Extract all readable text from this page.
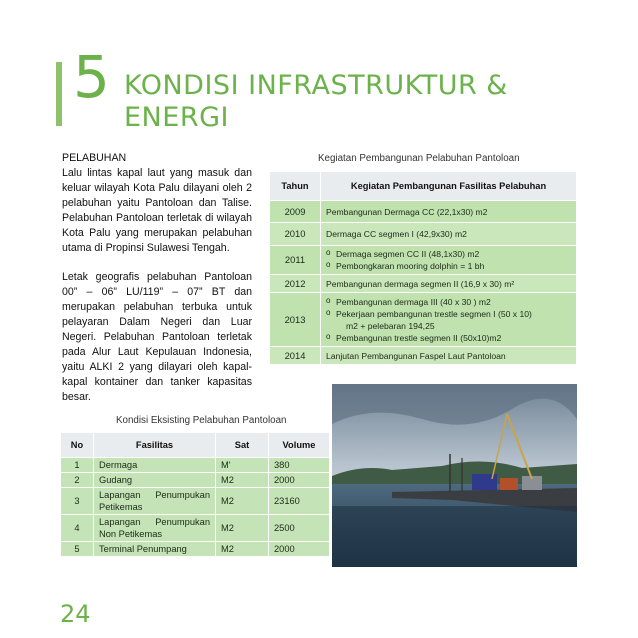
5 KONDISI INFRASTRUKTUR &
ENERGI
PELABUHAN

Lalu lintas kapal laut yang masuk dan keluar wilayah Kota Palu dilayani oleh 2 pelabuhan yaitu Pantoloan dan Talise. Pelabuhan Pantoloan terletak di wilayah Kota Palu yang merupakan pelabuhan utama di Propinsi Sulawesi Tengah.

Letak geografis pelabuhan Pantoloan 00” – 06” LU/119” – 07” BT dan merupakan pelabuhan terbuka untuk pelayaran Dalam Negeri dan Luar Negeri. Pelabuhan Pantoloan terletak pada Alur Laut Kepulauan Indonesia, yaitu ALKI 2 yang dilayari oleh kapal-kapal kontainer dan tanker kapasitas besar.

Kegiatan Pembangunan Pelabuhan Pantoloan
Tahun	Kegiatan Pembangunan Fasilitas Pelabuhan
2009	Pembangunan Dermaga CC (22,1x30) m2
2010	Dermaga CC segmen I (42,9x30) m2
2011	o Dermaga segmen CC II (48,1x30) m2
o Pembongkaran mooring dolphin = 1 bh

2012	Pembangunan dermaga segmen II (16,9 x 30) m²
2013	o Pembangunan dermaga III (40 x 30 ) m2
o Pekerjaan pembangunan trestle segmen I (50 x 10)
m2 + pelebaran 194,25
o Pembangunan trestle segmen II (50x10)m2

2014	Lanjutan Pembangunan Faspel Laut Pantoloan
Kondisi Eksisting Pelabuhan Pantoloan
No	Fasilitas	Sat	Volume
1	Dermaga	M'	380
2	Gudang	M2	2000
3	Lapangan Penumpukan
Petikemas	M2	23160
4	Lapangan Penumpukan
Non Petikemas	M2	2500
5	Terminal Penumpang	M2	2000
24
